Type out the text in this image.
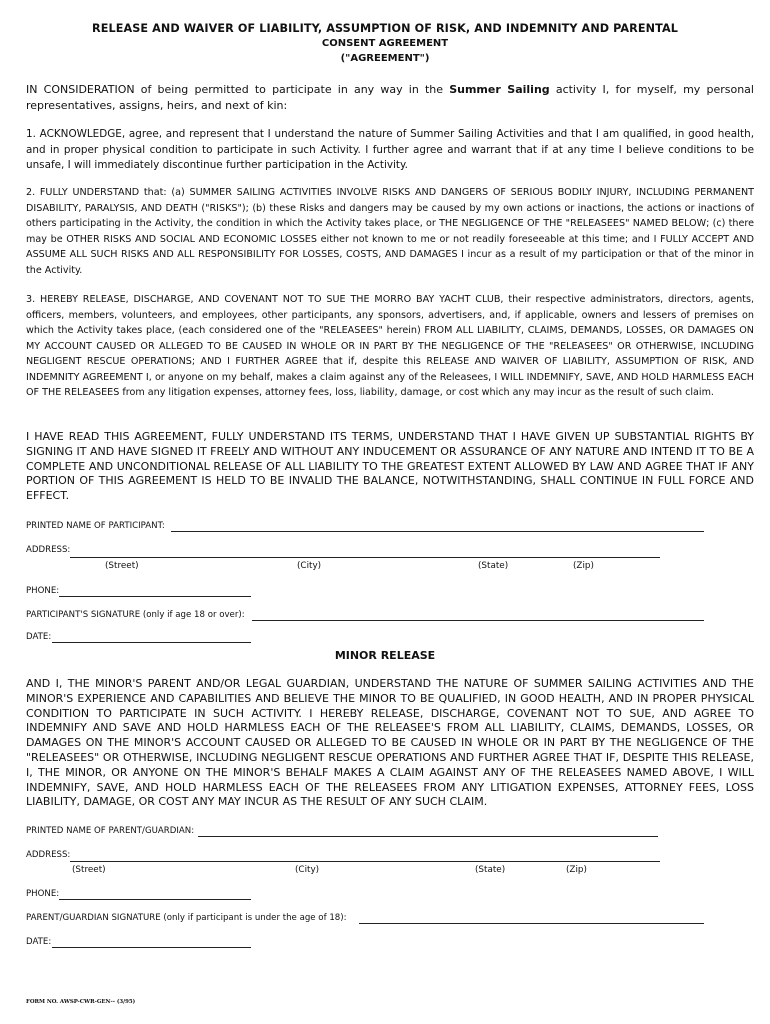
RELEASE AND WAIVER OF LIABILITY, ASSUMPTION OF RISK, AND INDEMNITY AND PARENTAL
CONSENT AGREEMENT
("AGREEMENT")
IN CONSIDERATION of being permitted to participate in any way in the Summer Sailing activity I, for myself, my personal representatives, assigns, heirs, and next of kin:
1. ACKNOWLEDGE, agree, and represent that I understand the nature of Summer Sailing Activities and that I am qualified, in good health, and in proper physical condition to participate in such Activity. I further agree and warrant that if at any time I believe conditions to be unsafe, I will immediately discontinue further participation in the Activity.
2. FULLY UNDERSTAND that: (a) SUMMER SAILING ACTIVITIES INVOLVE RISKS AND DANGERS OF SERIOUS BODILY INJURY, INCLUDING PERMANENT DISABILITY, PARALYSIS, AND DEATH ("RISKS"); (b) these Risks and dangers may be caused by my own actions or inactions, the actions or inactions of others participating in the Activity, the condition in which the Activity takes place, or THE NEGLIGENCE OF THE "RELEASEES" NAMED BELOW; (c) there may be OTHER RISKS AND SOCIAL AND ECONOMIC LOSSES either not known to me or not readily foreseeable at this time; and I FULLY ACCEPT AND ASSUME ALL SUCH RISKS AND ALL RESPONSIBILITY FOR LOSSES, COSTS, AND DAMAGES I incur as a result of my participation or that of the minor in the Activity.
3. HEREBY RELEASE, DISCHARGE, AND COVENANT NOT TO SUE THE MORRO BAY YACHT CLUB, their respective administrators, directors, agents, officers, members, volunteers, and employees, other participants, any sponsors, advertisers, and, if applicable, owners and lessers of premises on which the Activity takes place, (each considered one of the "RELEASEES" herein) FROM ALL LIABILITY, CLAIMS, DEMANDS, LOSSES, OR DAMAGES ON MY ACCOUNT CAUSED OR ALLEGED TO BE CAUSED IN WHOLE OR IN PART BY THE NEGLIGENCE OF THE "RELEASEES" OR OTHERWISE, INCLUDING NEGLIGENT RESCUE OPERATIONS; AND I FURTHER AGREE that if, despite this RELEASE AND WAIVER OF LIABILITY, ASSUMPTION OF RISK, AND INDEMNITY AGREEMENT I, or anyone on my behalf, makes a claim against any of the Releasees, I WILL INDEMNIFY, SAVE, AND HOLD HARMLESS EACH OF THE RELEASEES from any litigation expenses, attorney fees, loss, liability, damage, or cost which any may incur as the result of such claim.
I HAVE READ THIS AGREEMENT, FULLY UNDERSTAND ITS TERMS, UNDERSTAND THAT I HAVE GIVEN UP SUBSTANTIAL RIGHTS BY SIGNING IT AND HAVE SIGNED IT FREELY AND WITHOUT ANY INDUCEMENT OR ASSURANCE OF ANY NATURE AND INTEND IT TO BE A COMPLETE AND UNCONDITIONAL RELEASE OF ALL LIABILITY TO THE GREATEST EXTENT ALLOWED BY LAW AND AGREE THAT IF ANY PORTION OF THIS AGREEMENT IS HELD TO BE INVALID THE BALANCE, NOTWITHSTANDING, SHALL CONTINUE IN FULL FORCE AND EFFECT.
PRINTED NAME OF PARTICIPANT:
ADDRESS:
(Street)	(City)	(State)	(Zip)
PHONE:
PARTICIPANT'S SIGNATURE (only if age 18 or over):
DATE:
MINOR RELEASE
AND I, THE MINOR'S PARENT AND/OR LEGAL GUARDIAN, UNDERSTAND THE NATURE OF SUMMER SAILING ACTIVITIES AND THE MINOR'S EXPERIENCE AND CAPABILITIES AND BELIEVE THE MINOR TO BE QUALIFIED, IN GOOD HEALTH, AND IN PROPER PHYSICAL CONDITION TO PARTICIPATE IN SUCH ACTIVITY. I HEREBY RELEASE, DISCHARGE, COVENANT NOT TO SUE, AND AGREE TO INDEMNIFY AND SAVE AND HOLD HARMLESS EACH OF THE RELEASEE'S FROM ALL LIABILITY, CLAIMS, DEMANDS, LOSSES, OR DAMAGES ON THE MINOR'S ACCOUNT CAUSED OR ALLEGED TO BE CAUSED IN WHOLE OR IN PART BY THE NEGLIGENCE OF THE "RELEASEES" OR OTHERWISE, INCLUDING NEGLIGENT RESCUE OPERATIONS AND FURTHER AGREE THAT IF, DESPITE THIS RELEASE, I, THE MINOR, OR ANYONE ON THE MINOR'S BEHALF MAKES A CLAIM AGAINST ANY OF THE RELEASEES NAMED ABOVE, I WILL INDEMNIFY, SAVE, AND HOLD HARMLESS EACH OF THE RELEASEES FROM ANY LITIGATION EXPENSES, ATTORNEY FEES, LOSS LIABILITY, DAMAGE, OR COST ANY MAY INCUR AS THE RESULT OF ANY SUCH CLAIM.
PRINTED NAME OF PARENT/GUARDIAN:
ADDRESS:
(Street)	(City)	(State)	(Zip)
PHONE:
PARENT/GUARDIAN SIGNATURE (only if participant is under the age of 18):
DATE:
FORM NO. AWSP-CWR-GEN-- (3/95)
